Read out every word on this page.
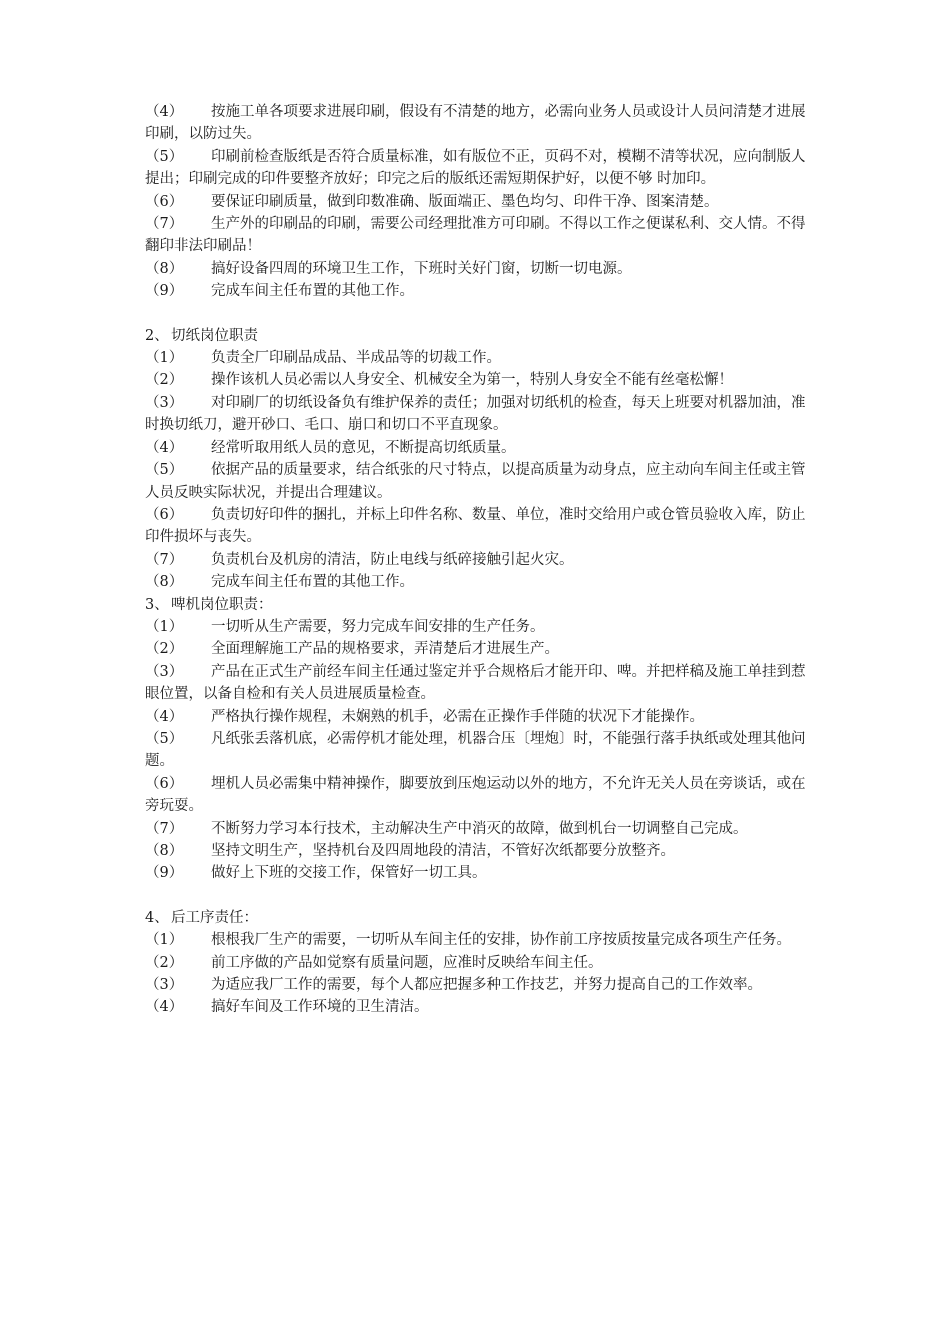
（4） 按施工单各项要求进展印刷，假设有不清楚的地方，必需向业务人员或设计人员问清楚才进展印刷，以防过失。

（5） 印刷前检查版纸是否符合质量标准，如有版位不正，页码不对，模糊不清等状况，应向制版人提出；印刷完成的印件要整齐放好；印完之后的版纸还需短期保护好，以便不够 时加印。

（6） 要保证印刷质量，做到印数准确、版面端正、墨色均匀、印件干净、图案清楚。

（7） 生产外的印刷品的印刷，需要公司经理批准方可印刷。不得以工作之便谋私利、交人情。不得翻印非法印刷品！

（8） 搞好设备四周的环境卫生工作，下班时关好门窗，切断一切电源。

（9） 完成车间主任布置的其他工作。

2、 切纸岗位职责

（1） 负责全厂印刷品成品、半成品等的切裁工作。

（2） 操作该机人员必需以人身安全、机械安全为第一，特别人身安全不能有丝毫松懈！

（3） 对印刷厂的切纸设备负有维护保养的责任；加强对切纸机的检查，每天上班要对机器加油，准时换切纸刀，避开砂口、毛口、崩口和切口不平直现象。

（4） 经常听取用纸人员的意见，不断提高切纸质量。

（5） 依据产品的质量要求，结合纸张的尺寸特点，以提高质量为动身点，应主动向车间主任或主管人员反映实际状况，并提出合理建议。

（6） 负责切好印件的捆扎，并标上印件名称、数量、单位，准时交给用户或仓管员验收入库，防止印件损坏与丧失。

（7） 负责机台及机房的清洁，防止电线与纸碎接触引起火灾。

（8） 完成车间主任布置的其他工作。

3、 啤机岗位职责：

（1） 一切听从生产需要，努力完成车间安排的生产任务。

（2） 全面理解施工产品的规格要求，弄清楚后才进展生产。

（3） 产品在正式生产前经车间主任通过鉴定并乎合规格后才能开印、啤。并把样稿及施工单挂到惹眼位置，以备自检和有关人员进展质量检查。

（4） 严格执行操作规程，未娴熟的机手，必需在正操作手伴随的状况下才能操作。

（5） 凡纸张丢落机底，必需停机才能处理，机器合压〔埋炮〕时，不能强行落手执纸或处理其他问题。

（6） 埋机人员必需集中精神操作，脚要放到压炮运动以外的地方，不允许无关人员在旁谈话，或在旁玩耍。

（7） 不断努力学习本行技术，主动解决生产中消灭的故障，做到机台一切调整自己完成。

（8） 坚持文明生产，坚持机台及四周地段的清洁，不管好次纸都要分放整齐。

（9） 做好上下班的交接工作，保管好一切工具。

4、 后工序责任：

（1） 根根我厂生产的需要，一切听从车间主任的安排，协作前工序按质按量完成各项生产任务。

（2） 前工序做的产品如觉察有质量问题，应准时反映给车间主任。

（3） 为适应我厂工作的需要，每个人都应把握多种工作技艺，并努力提高自己的工作效率。

（4） 搞好车间及工作环境的卫生清洁。
